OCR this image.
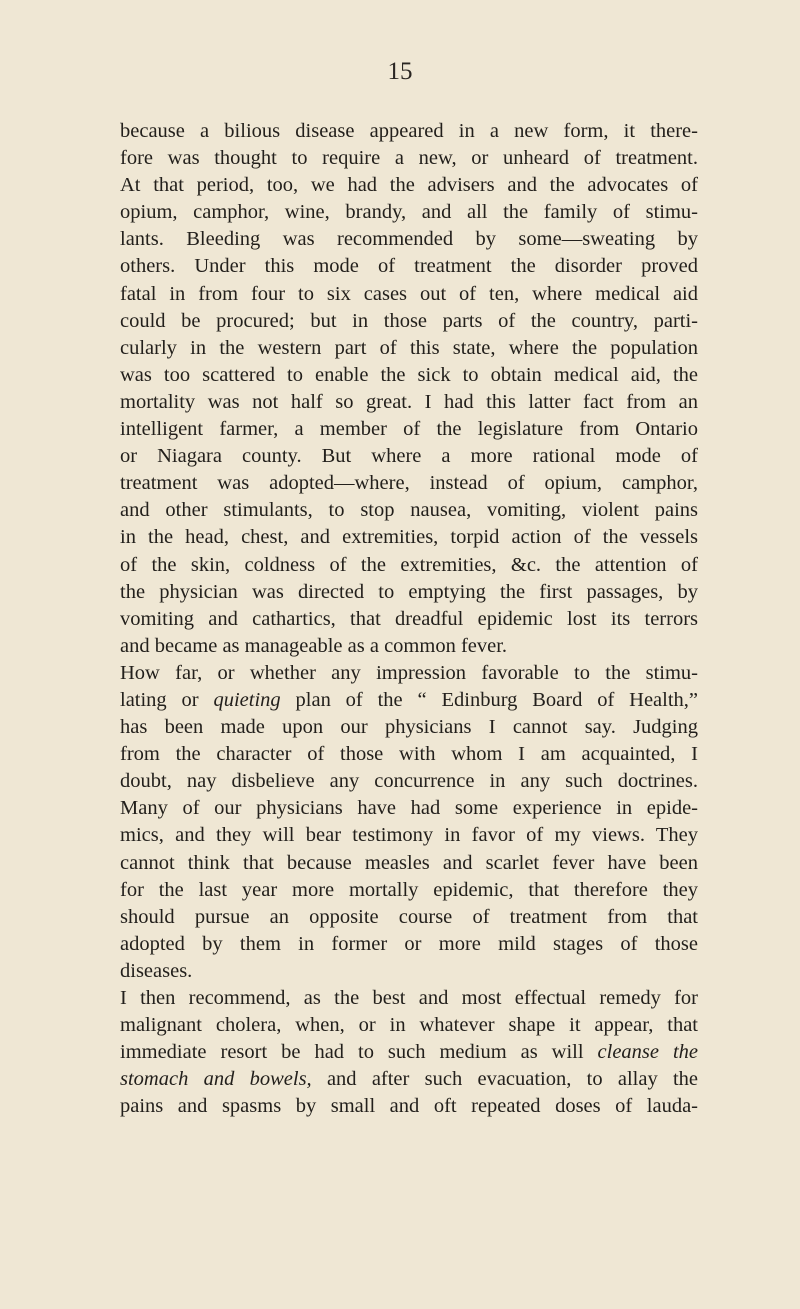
15
because a bilious disease appeared in a new form, it there-
fore was thought to require a new, or unheard of treatment.
At that period, too, we had the advisers and the advocates of
opium, camphor, wine, brandy, and all the family of stimu-
lants. Bleeding was recommended by some—sweating by
others. Under this mode of treatment the disorder proved
fatal in from four to six cases out of ten, where medical aid
could be procured; but in those parts of the country, parti-
cularly in the western part of this state, where the population
was too scattered to enable the sick to obtain medical aid, the
mortality was not half so great. I had this latter fact from an
intelligent farmer, a member of the legislature from Ontario
or Niagara county. But where a more rational mode of
treatment was adopted—where, instead of opium, camphor,
and other stimulants, to stop nausea, vomiting, violent pains
in the head, chest, and extremities, torpid action of the vessels
of the skin, coldness of the extremities, &c. the attention of
the physician was directed to emptying the first passages, by
vomiting and cathartics, that dreadful epidemic lost its terrors
and became as manageable as a common fever.
How far, or whether any impression favorable to the stimu-
lating or quieting plan of the “ Edinburg Board of Health,”
has been made upon our physicians I cannot say. Judging
from the character of those with whom I am acquainted, I
doubt, nay disbelieve any concurrence in any such doctrines.
Many of our physicians have had some experience in epide-
mics, and they will bear testimony in favor of my views. They
cannot think that because measles and scarlet fever have been
for the last year more mortally epidemic, that therefore they
should pursue an opposite course of treatment from that
adopted by them in former or more mild stages of those
diseases.
I then recommend, as the best and most effectual remedy for
malignant cholera, when, or in whatever shape it appear, that
immediate resort be had to such medium as will cleanse the
stomach and bowels, and after such evacuation, to allay the
pains and spasms by small and oft repeated doses of lauda-
